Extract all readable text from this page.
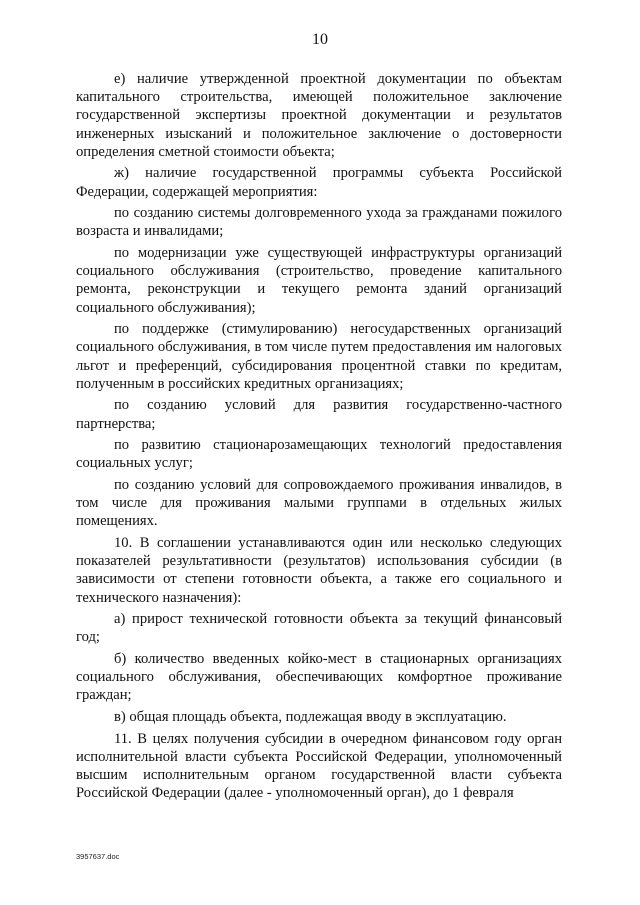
10

е) наличие утвержденной проектной документации по объектам капитального строительства, имеющей положительное заключение государственной экспертизы проектной документации и результатов инженерных изысканий и положительное заключение о достоверности определения сметной стоимости объекта;

ж) наличие государственной программы субъекта Российской Федерации, содержащей мероприятия:

по созданию системы долговременного ухода за гражданами пожилого возраста и инвалидами;

по модернизации уже существующей инфраструктуры организаций социального обслуживания (строительство, проведение капитального ремонта, реконструкции и текущего ремонта зданий организаций социального обслуживания);

по поддержке (стимулированию) негосударственных организаций социального обслуживания, в том числе путем предоставления им налоговых льгот и преференций, субсидирования процентной ставки по кредитам, полученным в российских кредитных организациях;

по созданию условий для развития государственно-частного партнерства;

по развитию стационарозамещающих технологий предоставления социальных услуг;

по созданию условий для сопровождаемого проживания инвалидов, в том числе для проживания малыми группами в отдельных жилых помещениях.

10. В соглашении устанавливаются один или несколько следующих показателей результативности (результатов) использования субсидии (в зависимости от степени готовности объекта, а также его социального и технического назначения):

а) прирост технической готовности объекта за текущий финансовый год;

б) количество введенных койко-мест в стационарных организациях социального обслуживания, обеспечивающих комфортное проживание граждан;

в) общая площадь объекта, подлежащая вводу в эксплуатацию.

11. В целях получения субсидии в очередном финансовом году орган исполнительной власти субъекта Российской Федерации, уполномоченный высшим исполнительным органом государственной власти субъекта Российской Федерации (далее - уполномоченный орган), до 1 февраля

3957637.doc
